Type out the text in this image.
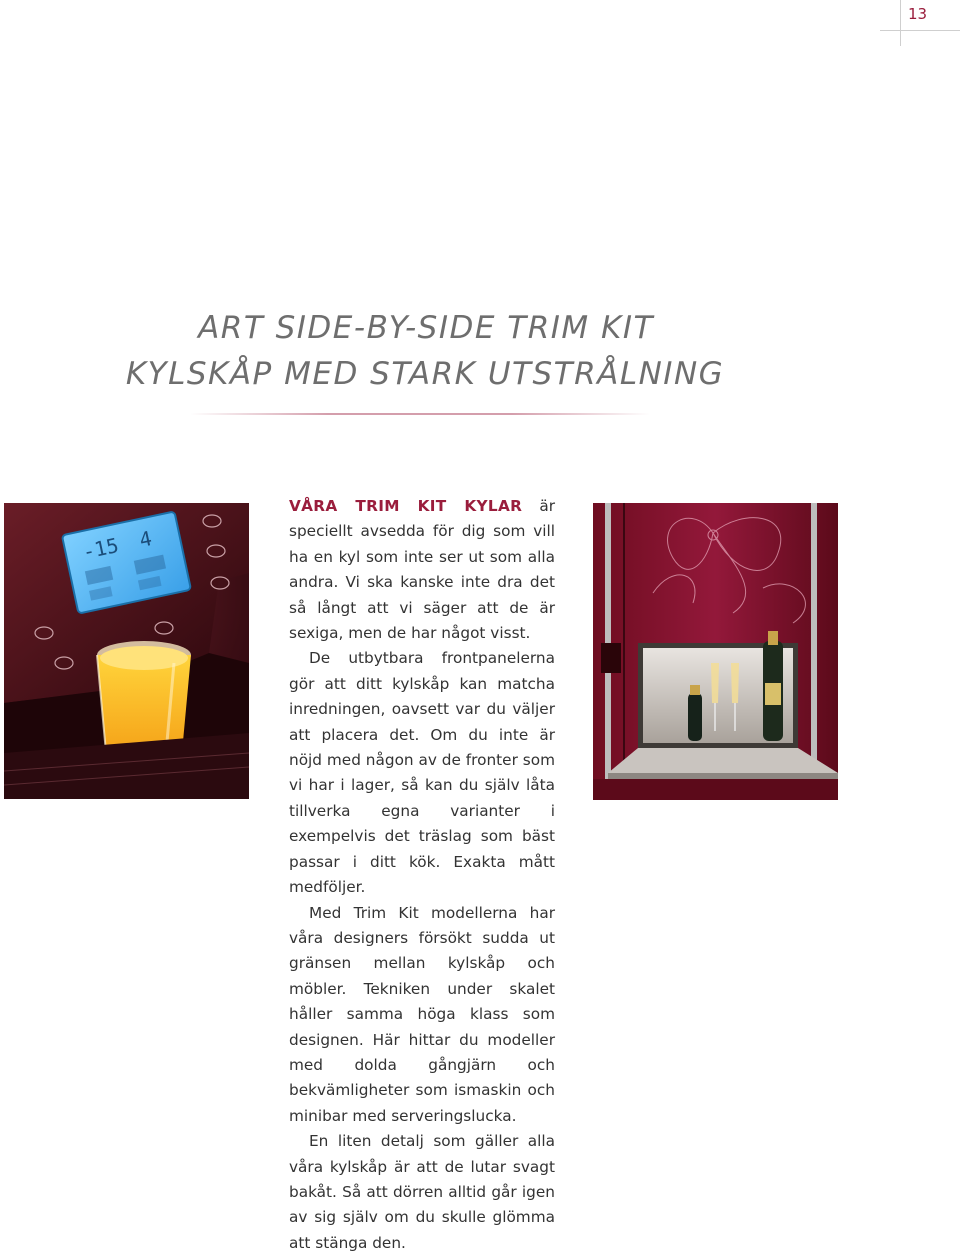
13
ART SIDE-BY-SIDE TRIM KIT
KYLSKÅP MED STARK UTSTRÅLNING
-15 4

VÅRA TRIM KIT KYLAR är speciellt avsedda för dig som vill ha en kyl som inte ser ut som alla andra. Vi ska kanske inte dra det så långt att vi säger att de är sexiga, men de har något visst.

De utbytbara frontpanelerna gör att ditt kylskåp kan matcha inredningen, oavsett var du väljer att placera det. Om du inte är nöjd med någon av de fronter som vi har i lager, så kan du själv låta tillverka egna varianter i exempelvis det träslag som bäst passar i ditt kök. Exakta mått medföljer.

Med Trim Kit modellerna har våra designers försökt sudda ut gränsen mellan kylskåp och möbler. Tekniken under skalet håller samma höga klass som designen. Här hittar du modeller med dolda gångjärn och bekvämligheter som ismaskin och minibar med serveringslucka.

En liten detalj som gäller alla våra kylskåp är att de lutar svagt bakåt. Så att dörren alltid går igen av sig själv om du skulle glömma att stänga den.
